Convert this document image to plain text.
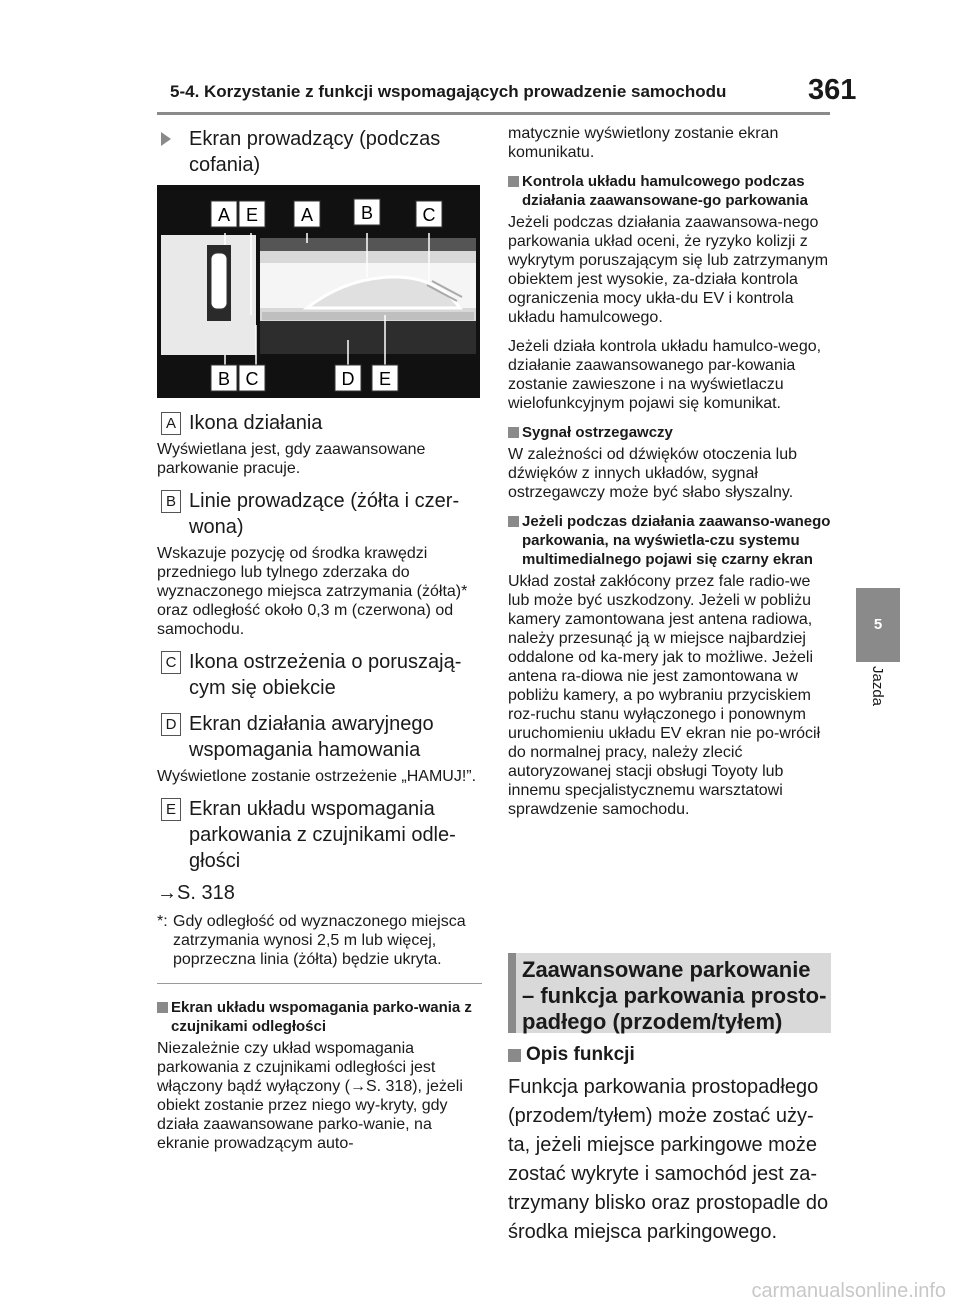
5-4. Korzystanie z funkcji wspomagających prowadzenie samochodu	361
Ekran prowadzący (podczas cofania)
A E A	B	C
B C	D E
A Ikona działania
Wyświetlana jest, gdy zaawansowane parkowanie pracuje.
B Linie prowadzące (żółta i czer-wona)
Wskazuje pozycję od środka krawędzi przedniego lub tylnego zderzaka do wyznaczonego miejsca zatrzymania (żółta)* oraz odległość około 0,3 m (czerwona) od samochodu.
C Ikona ostrzeżenia o poruszają-cym się obiekcie
D Ekran działania awaryjnego wspomagania hamowania
Wyświetlone zostanie ostrzeżenie „HAMUJ!”.
E Ekran układu wspomagania parkowania z czujnikami odle-głości
→S. 318
*: Gdy odległość od wyznaczonego miejsca zatrzymania wynosi 2,5 m lub więcej, poprzeczna linia (żółta) będzie ukryta.
Ekran układu wspomagania parko-wania z czujnikami odległości
Niezależnie czy układ wspomagania parkowania z czujnikami odległości jest włączony bądź wyłączony (→S. 318), jeżeli obiekt zostanie przez niego wy-kryty, gdy działa zaawansowane parko-wanie, na ekranie prowadzącym auto-
matycznie wyświetlony zostanie ekran komunikatu.
Kontrola układu hamulcowego podczas działania zaawansowane-go parkowania
Jeżeli podczas działania zaawansowa-nego parkowania układ oceni, że ryzyko kolizji z wykrytym poruszającym się lub zatrzymanym obiektem jest wysokie, za-działa kontrola ograniczenia mocy ukła-du EV i kontrola układu hamulcowego.
Jeżeli działa kontrola układu hamulco-wego, działanie zaawansowanego par-kowania zostanie zawieszone i na wyświetlaczu wielofunkcyjnym pojawi się komunikat.
Sygnał ostrzegawczy
W zależności od dźwięków otoczenia lub dźwięków z innych układów, sygnał ostrzegawczy może być słabo słyszalny.
Jeżeli podczas działania zaawanso-wanego parkowania, na wyświetla-czu systemu multimedialnego pojawi się czarny ekran
Układ został zakłócony przez fale radio-we lub może być uszkodzony. Jeżeli w pobliżu kamery zamontowana jest antena radiowa, należy przesunąć ją w miejsce najbardziej oddalone od ka-mery jak to możliwe. Jeżeli antena ra-diowa nie jest zamontowana w pobliżu kamery, a po wybraniu przyciskiem roz-ruchu stanu wyłączonego i ponownym uruchomieniu układu EV ekran nie po-wrócił do normalnej pracy, należy zlecić autoryzowanej stacji obsługi Toyoty lub innemu specjalistycznemu warsztatowi sprawdzenie samochodu.
Zaawansowane parkowanie – funkcja parkowania prosto-padłego (przodem/tyłem)
Opis funkcji
Funkcja parkowania prostopadłego (przodem/tyłem) może zostać uży-ta, jeżeli miejsce parkingowe może zostać wykryte i samochód jest za-trzymany blisko oraz prostopadle do środka miejsca parkingowego.
5
Jazda
carmanualsonline.info
